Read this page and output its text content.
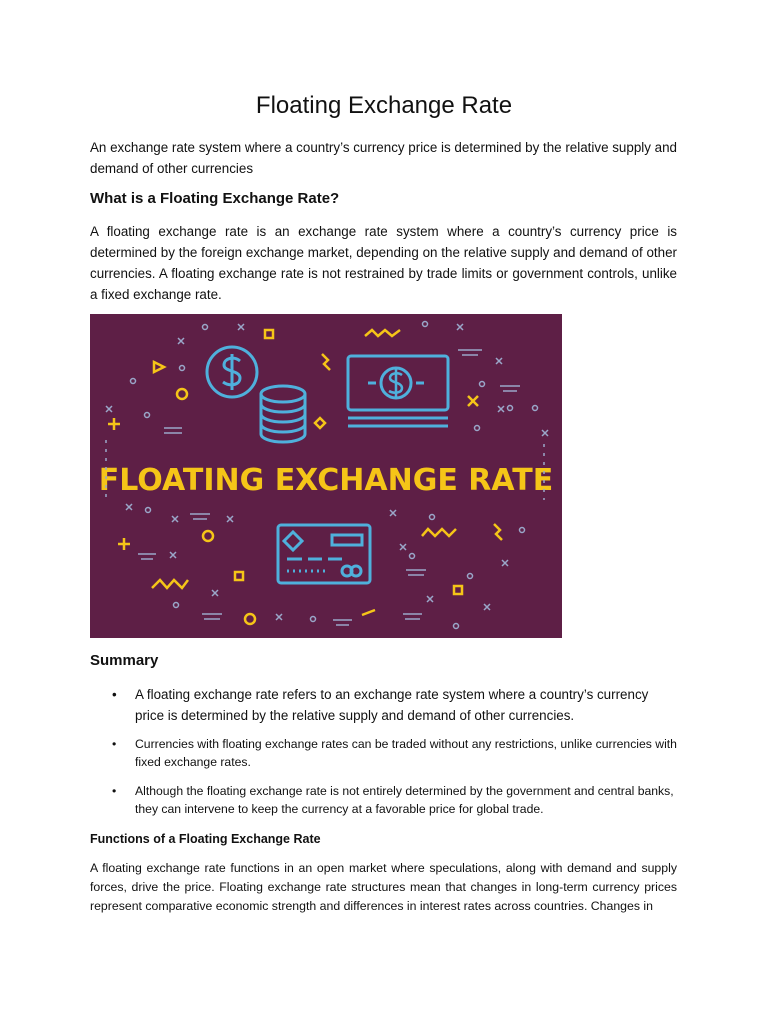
Floating Exchange Rate

An exchange rate system where a country’s currency price is determined by the relative supply and demand of other currencies

What is a Floating Exchange Rate?

A floating exchange rate is an exchange rate system where a country’s currency price is determined by the foreign exchange market, depending on the relative supply and demand of other currencies. A floating exchange rate is not restrained by trade limits or government controls, unlike a fixed exchange rate.

FLOATING EXCHANGE RATE
Summary
• A floating exchange rate refers to an exchange rate system where a country’s currency price is determined by the relative supply and demand of other currencies.
• Currencies with floating exchange rates can be traded without any restrictions, unlike currencies with fixed exchange rates.
• Although the floating exchange rate is not entirely determined by the government and central banks, they can intervene to keep the currency at a favorable price for global trade.
Functions of a Floating Exchange Rate

A floating exchange rate functions in an open market where speculations, along with demand and supply forces, drive the price. Floating exchange rate structures mean that changes in long-term currency prices represent comparative economic strength and differences in interest rates across countries. Changes in
